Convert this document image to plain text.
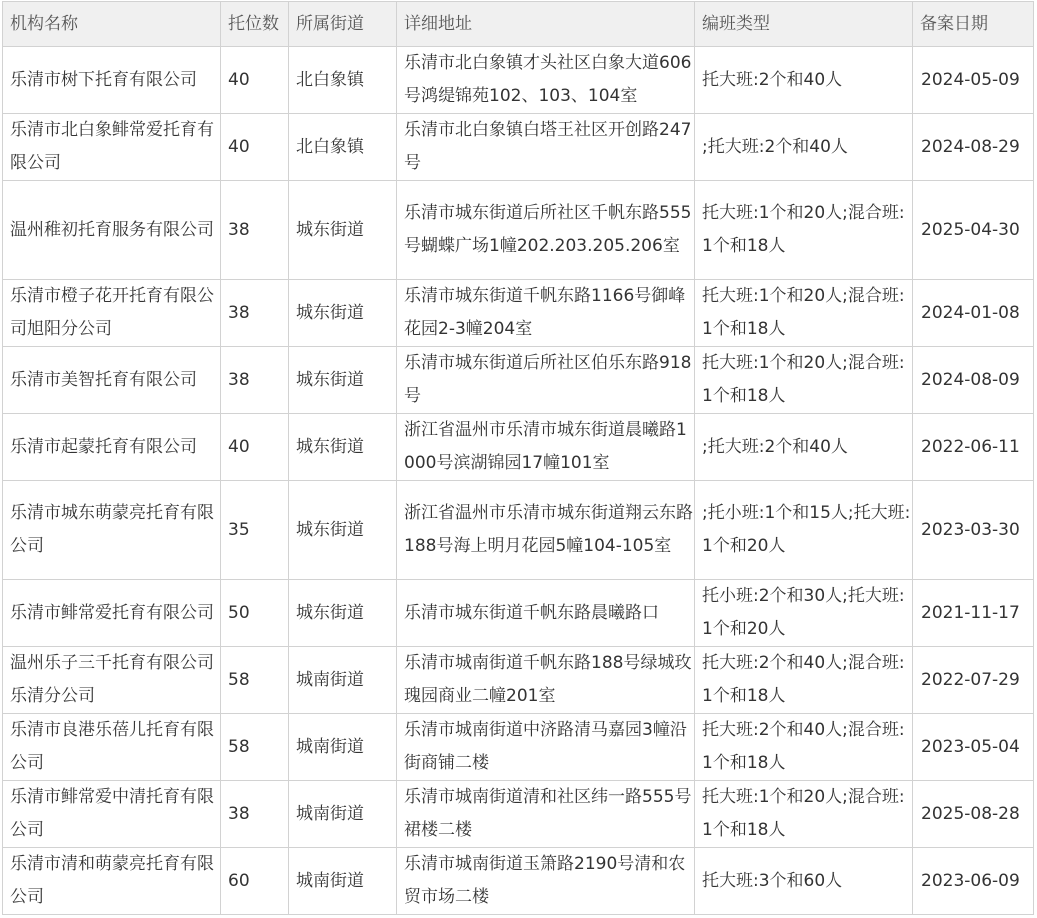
机构名称	托位数	所属街道	详细地址	编班类型	备案日期
乐清市树下托育有限公司	40	北白象镇	乐清市北白象镇才头社区白象大道606号鸿缇锦苑102、103、104室	托大班:2个和40人	2024-05-09
乐清市北白象鲱常爱托育有限公司	40	北白象镇	乐清市北白象镇白塔王社区开创路247号	;托大班:2个和40人	2024-08-29
温州稚初托育服务有限公司	38	城东街道	乐清市城东街道后所社区千帆东路555号蝴蝶广场1幢202.203.205.206室	托大班:1个和20人;混合班:1个和18人	2025-04-30
乐清市橙子花开托育有限公司旭阳分公司	38	城东街道	乐清市城东街道千帆东路1166号御峰花园2-3幢204室	托大班:1个和20人;混合班:1个和18人	2024-01-08
乐清市美智托育有限公司	38	城东街道	乐清市城东街道后所社区伯乐东路918号	托大班:1个和20人;混合班:1个和18人	2024-08-09
乐清市起蒙托育有限公司	40	城东街道	浙江省温州市乐清市城东街道晨曦路1000号滨湖锦园17幢101室	;托大班:2个和40人	2022-06-11
乐清市城东萌蒙亮托育有限公司	35	城东街道	浙江省温州市乐清市城东街道翔云东路188号海上明月花园5幢104-105室	;托小班:1个和15人;托大班:1个和20人	2023-03-30
乐清市鲱常爱托育有限公司	50	城东街道	乐清市城东街道千帆东路晨曦路口	托小班:2个和30人;托大班:1个和20人	2021-11-17
温州乐子三千托育有限公司乐清分公司	58	城南街道	乐清市城南街道千帆东路188号绿城玫瑰园商业二幢201室	托大班:2个和40人;混合班:1个和18人	2022-07-29
乐清市良港乐蓓儿托育有限公司	58	城南街道	乐清市城南街道中济路清马嘉园3幢沿街商铺二楼	托大班:2个和40人;混合班:1个和18人	2023-05-04
乐清市鲱常爱中清托育有限公司	38	城南街道	乐清市城南街道清和社区纬一路555号裙楼二楼	托大班:1个和20人;混合班:1个和18人	2025-08-28
乐清市清和萌蒙亮托育有限公司	60	城南街道	乐清市城南街道玉箫路2190号清和农贸市场二楼	托大班:3个和60人	2023-06-09
